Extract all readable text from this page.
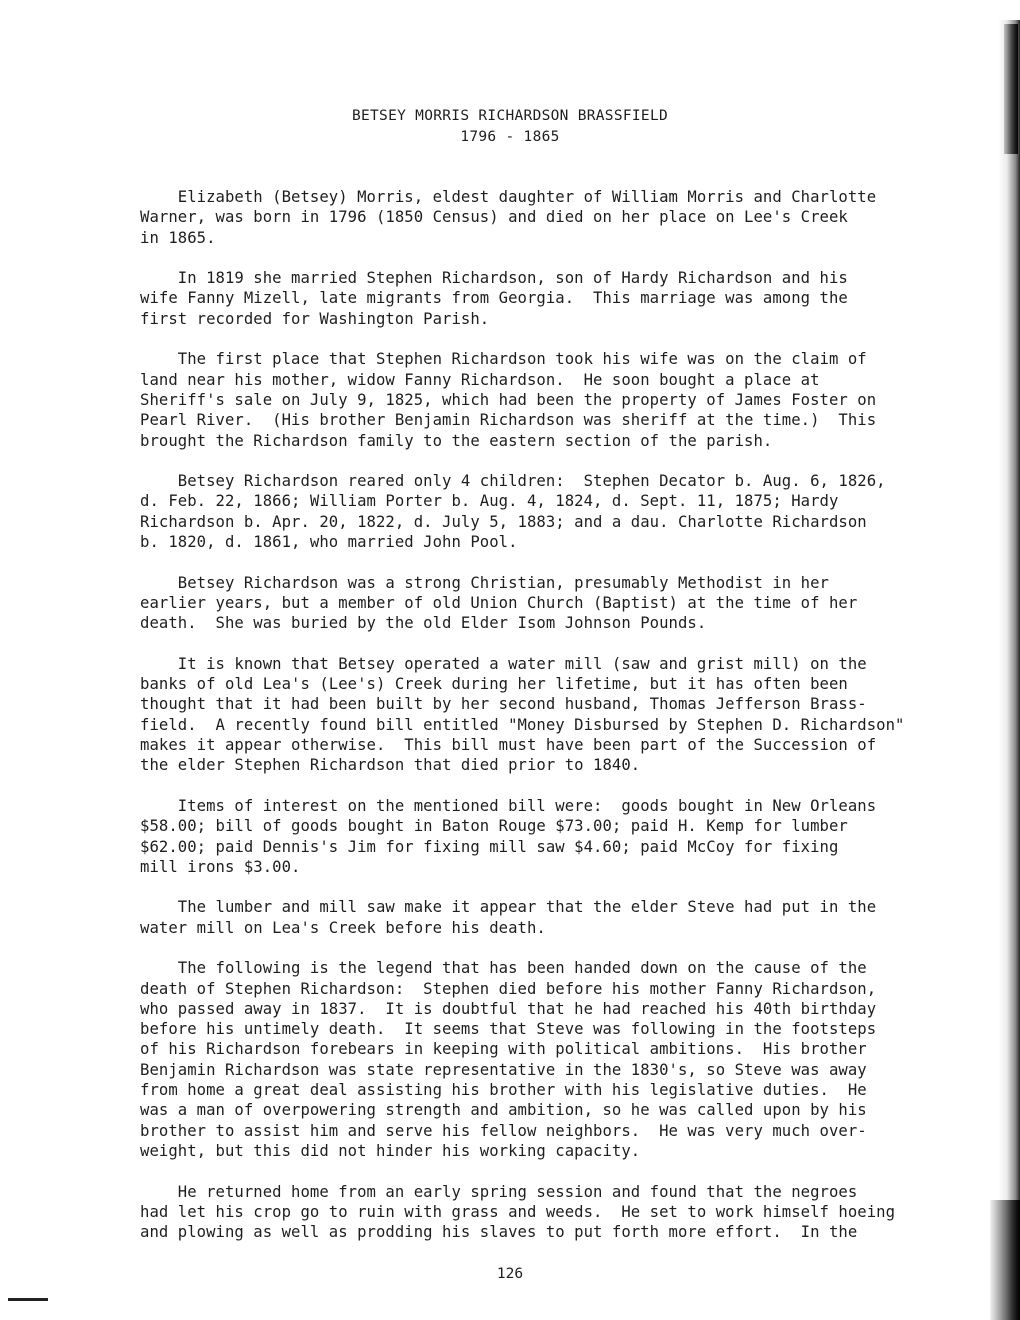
BETSEY MORRIS RICHARDSON BRASSFIELD
1796 - 1865
Elizabeth (Betsey) Morris, eldest daughter of William Morris and Charlotte
Warner, was born in 1796 (1850 Census) and died on her place on Lee's Creek
in 1865.
In 1819 she married Stephen Richardson, son of Hardy Richardson and his
wife Fanny Mizell, late migrants from Georgia.  This marriage was among the
first recorded for Washington Parish.
The first place that Stephen Richardson took his wife was on the claim of
land near his mother, widow Fanny Richardson.  He soon bought a place at
Sheriff's sale on July 9, 1825, which had been the property of James Foster on
Pearl River.  (His brother Benjamin Richardson was sheriff at the time.)  This
brought the Richardson family to the eastern section of the parish.
Betsey Richardson reared only 4 children:  Stephen Decator b. Aug. 6, 1826,
d. Feb. 22, 1866; William Porter b. Aug. 4, 1824, d. Sept. 11, 1875; Hardy
Richardson b. Apr. 20, 1822, d. July 5, 1883; and a dau. Charlotte Richardson
b. 1820, d. 1861, who married John Pool.
Betsey Richardson was a strong Christian, presumably Methodist in her
earlier years, but a member of old Union Church (Baptist) at the time of her
death.  She was buried by the old Elder Isom Johnson Pounds.
It is known that Betsey operated a water mill (saw and grist mill) on the
banks of old Lea's (Lee's) Creek during her lifetime, but it has often been
thought that it had been built by her second husband, Thomas Jefferson Brass-
field.  A recently found bill entitled "Money Disbursed by Stephen D. Richardson"
makes it appear otherwise.  This bill must have been part of the Succession of
the elder Stephen Richardson that died prior to 1840.
Items of interest on the mentioned bill were:  goods bought in New Orleans
$58.00; bill of goods bought in Baton Rouge $73.00; paid H. Kemp for lumber
$62.00; paid Dennis's Jim for fixing mill saw $4.60; paid McCoy for fixing
mill irons $3.00.
The lumber and mill saw make it appear that the elder Steve had put in the
water mill on Lea's Creek before his death.
The following is the legend that has been handed down on the cause of the
death of Stephen Richardson:  Stephen died before his mother Fanny Richardson,
who passed away in 1837.  It is doubtful that he had reached his 40th birthday
before his untimely death.  It seems that Steve was following in the footsteps
of his Richardson forebears in keeping with political ambitions.  His brother
Benjamin Richardson was state representative in the 1830's, so Steve was away
from home a great deal assisting his brother with his legislative duties.  He
was a man of overpowering strength and ambition, so he was called upon by his
brother to assist him and serve his fellow neighbors.  He was very much over-
weight, but this did not hinder his working capacity.
He returned home from an early spring session and found that the negroes
had let his crop go to ruin with grass and weeds.  He set to work himself hoeing
and plowing as well as prodding his slaves to put forth more effort.  In the
126
